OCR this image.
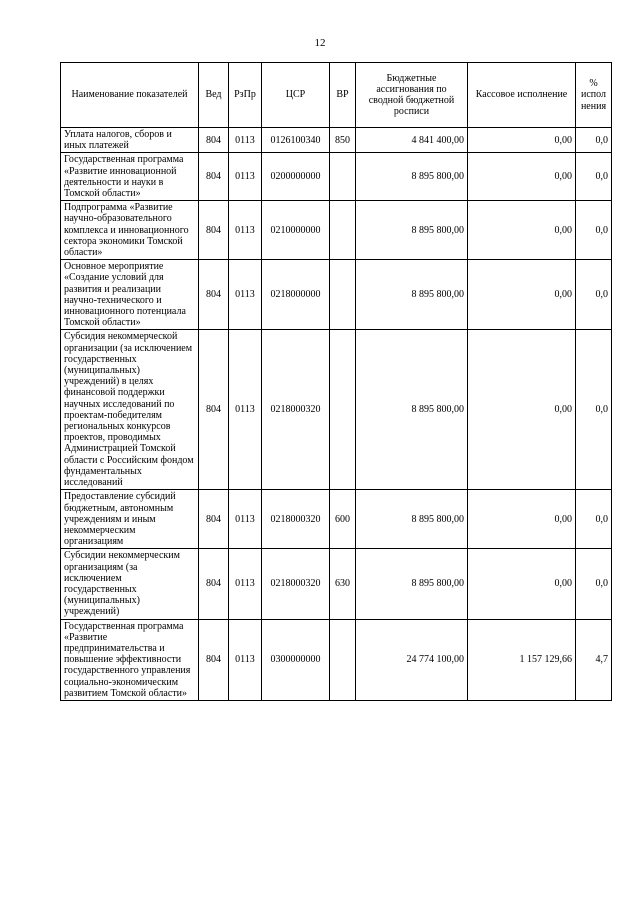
12
Наименование показателей	Вед	РзПр	ЦСР	ВР	Бюджетные ассигнования по сводной бюджетной росписи	Кассовое исполнение	% испол нения
Уплата налогов, сборов и иных платежей	804	0113	0126100340	850	4 841 400,00	0,00	0,0
Государственная программа «Развитие инновационной деятельности и науки в Томской области»	804	0113	0200000000		8 895 800,00	0,00	0,0
Подпрограмма «Развитие научно-образовательного комплекса и инновационного сектора экономики Томской области»	804	0113	0210000000		8 895 800,00	0,00	0,0
Основное мероприятие «Создание условий для развития и реализации научно-технического и инновационного потенциала Томской области»	804	0113	0218000000		8 895 800,00	0,00	0,0
Субсидия некоммерческой организации (за исключением государственных (муниципальных) учреждений) в целях финансовой поддержки научных исследований по проектам-победителям региональных конкурсов проектов, проводимых Администрацией Томской области с Российским фондом фундаментальных исследований	804	0113	0218000320		8 895 800,00	0,00	0,0
Предоставление субсидий бюджетным, автономным учреждениям и иным некоммерческим организациям	804	0113	0218000320	600	8 895 800,00	0,00	0,0
Субсидии некоммерческим организациям (за исключением государственных (муниципальных) учреждений)	804	0113	0218000320	630	8 895 800,00	0,00	0,0
Государственная программа «Развитие предпринимательства и повышение эффективности государственного управления социально-экономическим развитием Томской области»	804	0113	0300000000		24 774 100,00	1 157 129,66	4,7
